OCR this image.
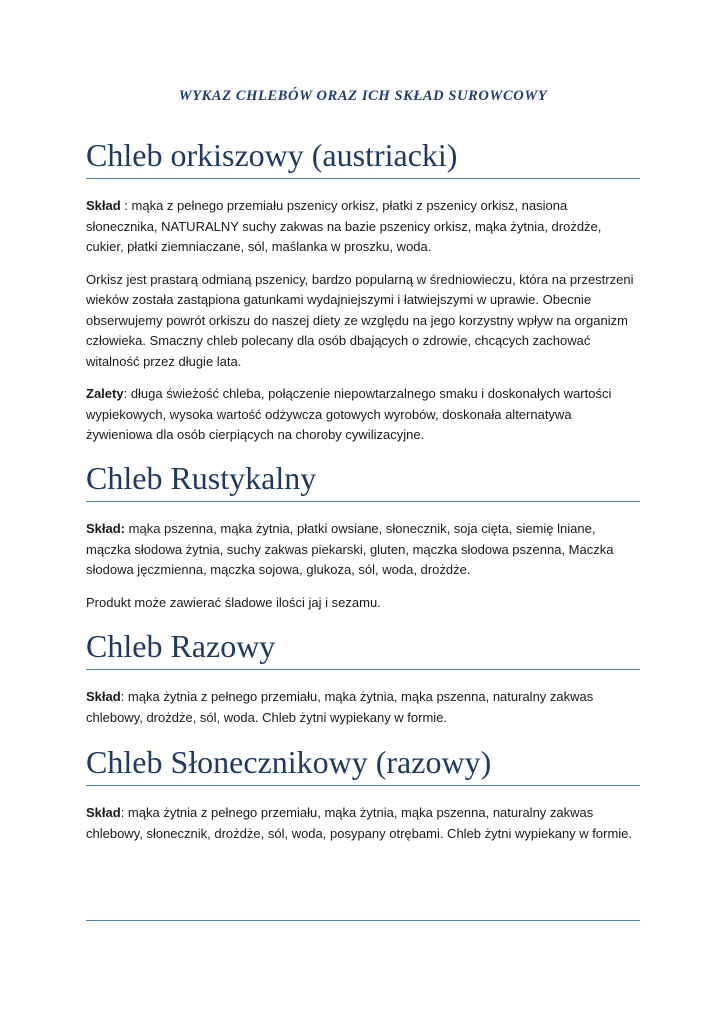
WYKAZ CHLEBÓW ORAZ ICH SKŁAD SUROWCOWY
Chleb orkiszowy (austriacki)

Skład : mąka z pełnego przemiału pszenicy orkisz, płatki z pszenicy orkisz, nasiona słonecznika, NATURALNY suchy zakwas na bazie pszenicy orkisz, mąka żytnia, drożdże, cukier, płatki ziemniaczane, sól, maślanka w proszku, woda.

Orkisz jest prastarą odmianą pszenicy, bardzo popularną w średniowieczu, która na przestrzeni wieków została zastąpiona gatunkami wydajniejszymi i łatwiejszymi w uprawie. Obecnie obserwujemy powrót orkiszu do naszej diety ze względu na jego korzystny wpływ na organizm człowieka. Smaczny chleb polecany dla osób dbających o zdrowie, chcących zachować witalność przez długie lata.

Zalety: długa świeżość chleba, połączenie niepowtarzalnego smaku i doskonałych wartości wypiekowych, wysoka wartość odżywcza gotowych wyrobów, doskonała alternatywa żywieniowa dla osób cierpiących na choroby cywilizacyjne.

Chleb Rustykalny

Skład: mąka pszenna, mąka żytnia, płatki owsiane, słonecznik, soja cięta, siemię lniane, mączka słodowa żytnia, suchy zakwas piekarski, gluten, mączka słodowa pszenna, Maczka słodowa jęczmienna, mączka sojowa, glukoza, sól, woda, drożdże.

Produkt może zawierać śladowe ilości jaj i sezamu.

Chleb Razowy

Skład: mąka żytnia z pełnego przemiału, mąka żytnia, mąka pszenna, naturalny zakwas chlebowy, drożdże, sól, woda. Chleb żytni wypiekany w formie.

Chleb Słonecznikowy (razowy)

Skład: mąka żytnia z pełnego przemiału, mąka żytnia, mąka pszenna, naturalny zakwas chlebowy, słonecznik, drożdże, sól, woda, posypany otrębami. Chleb żytni wypiekany w formie.
